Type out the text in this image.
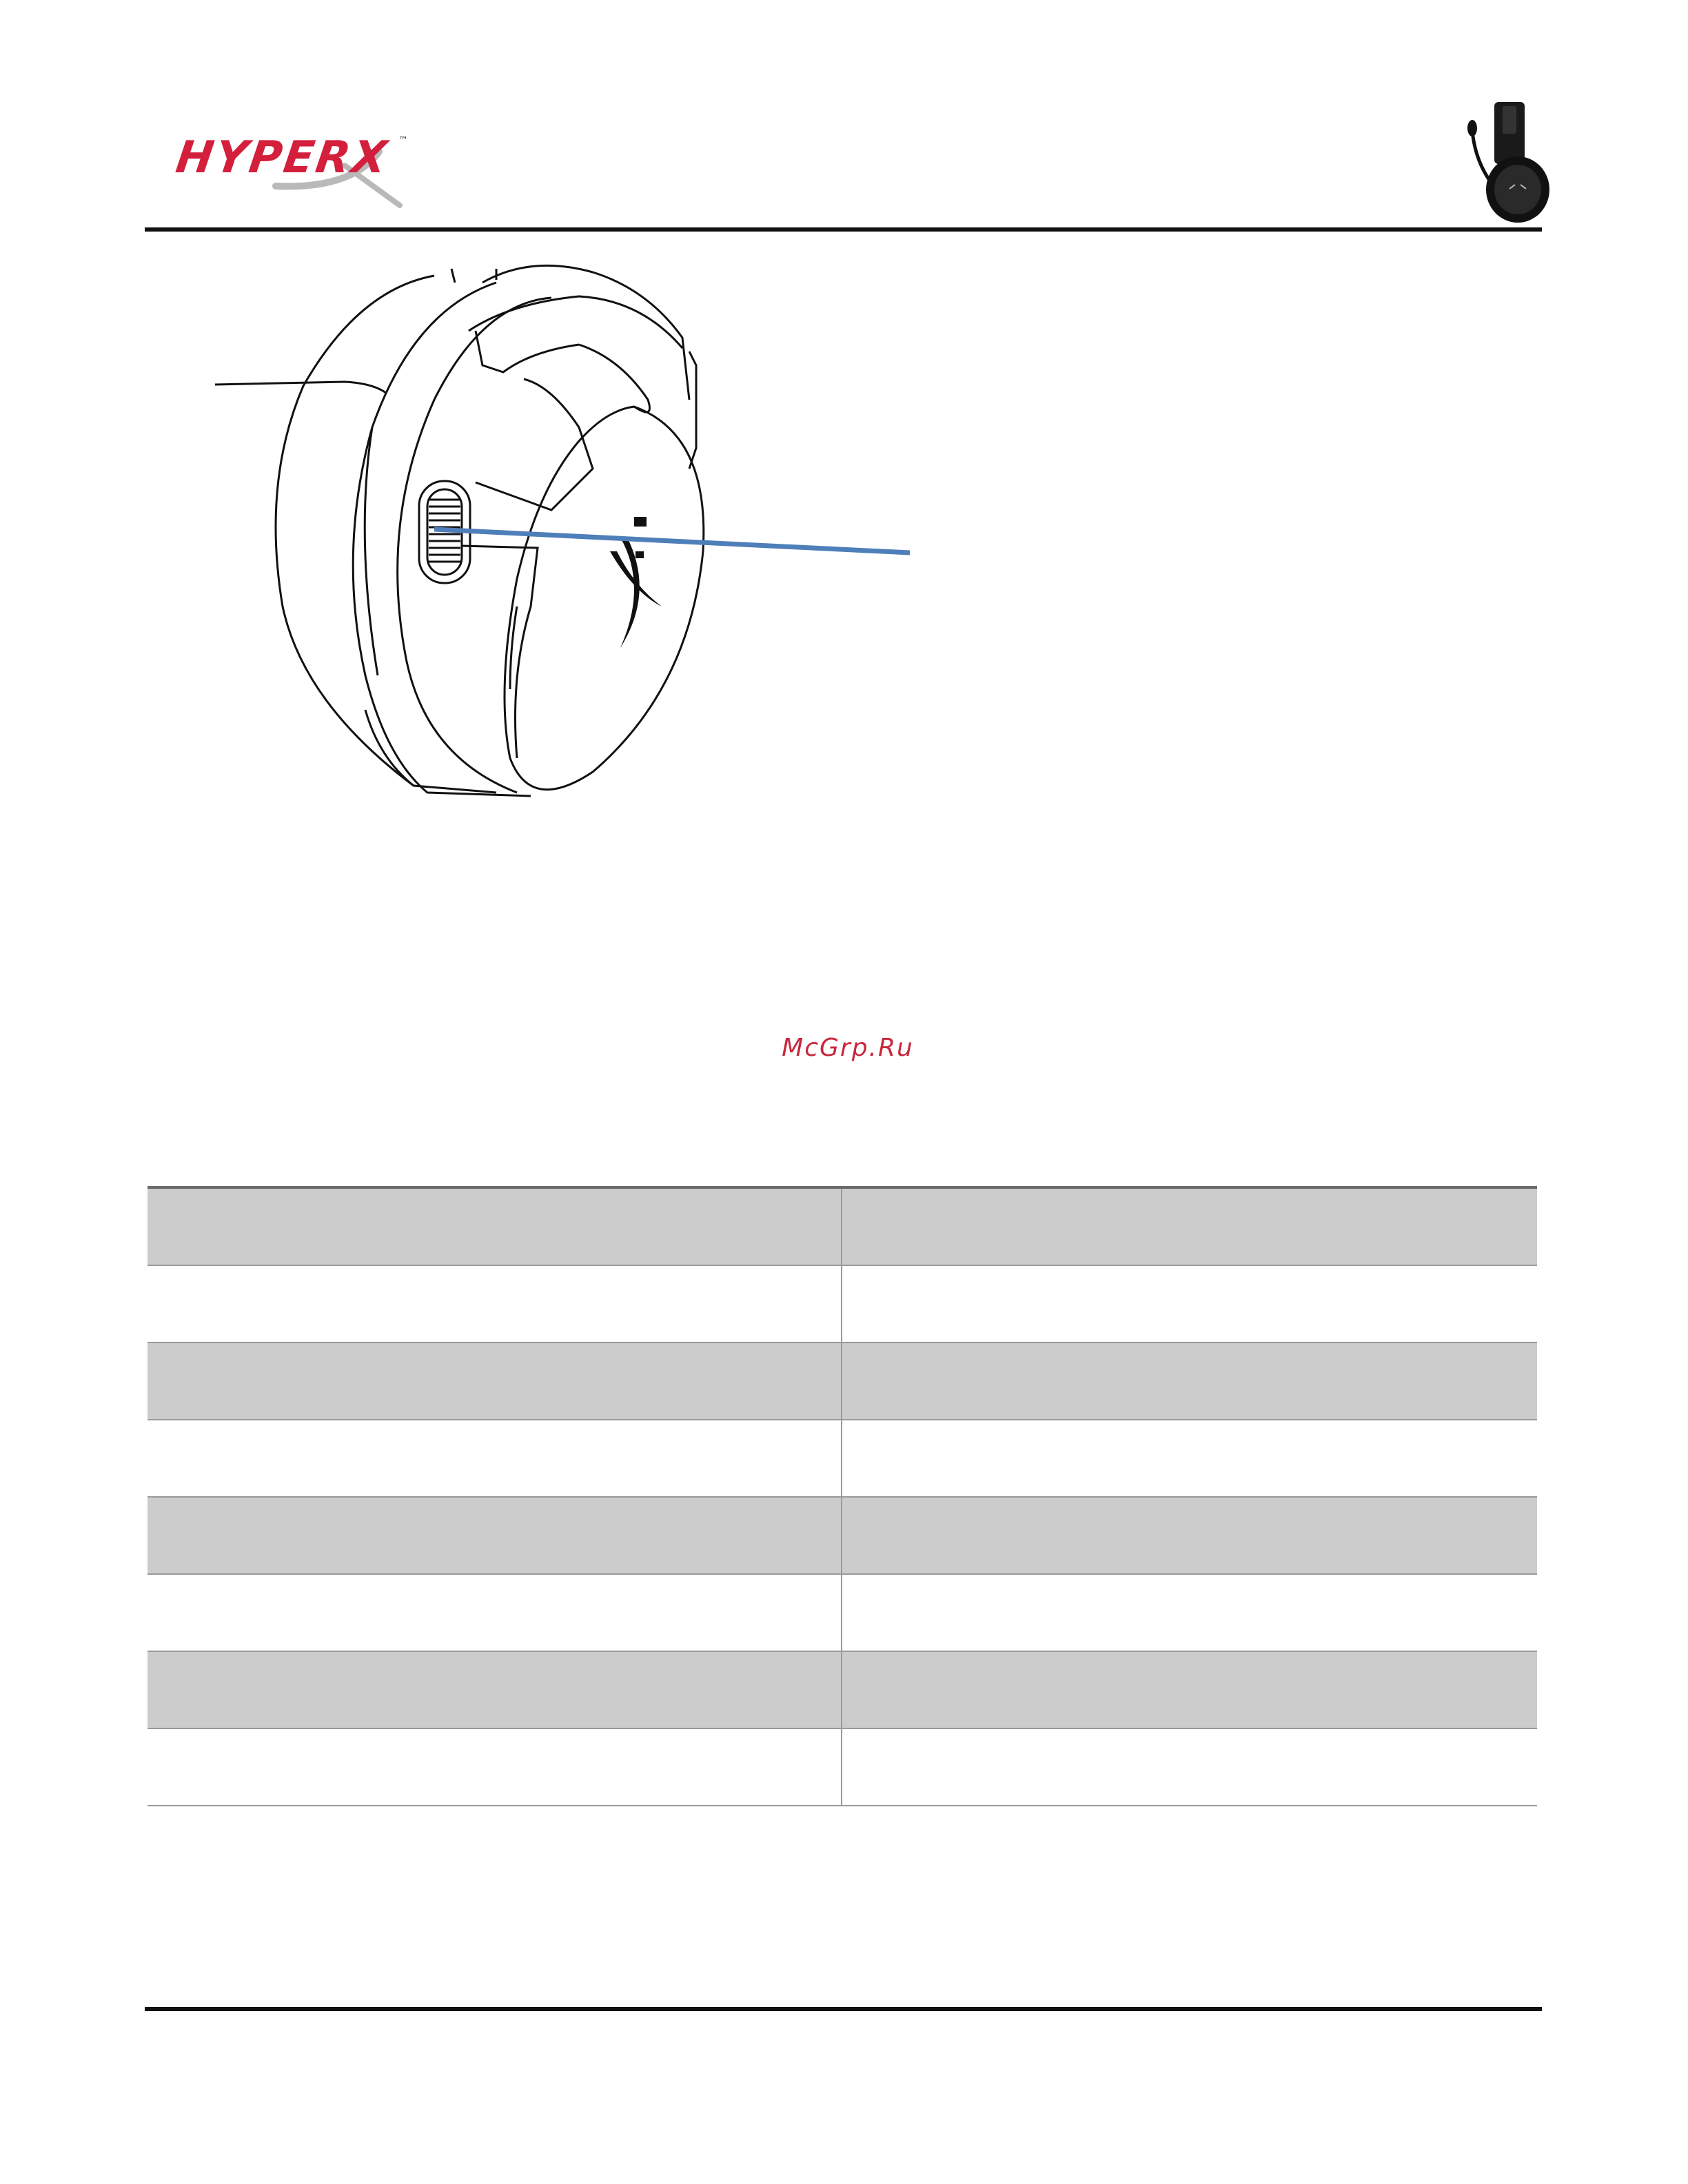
HYPERX ™
McGrp.Ru
